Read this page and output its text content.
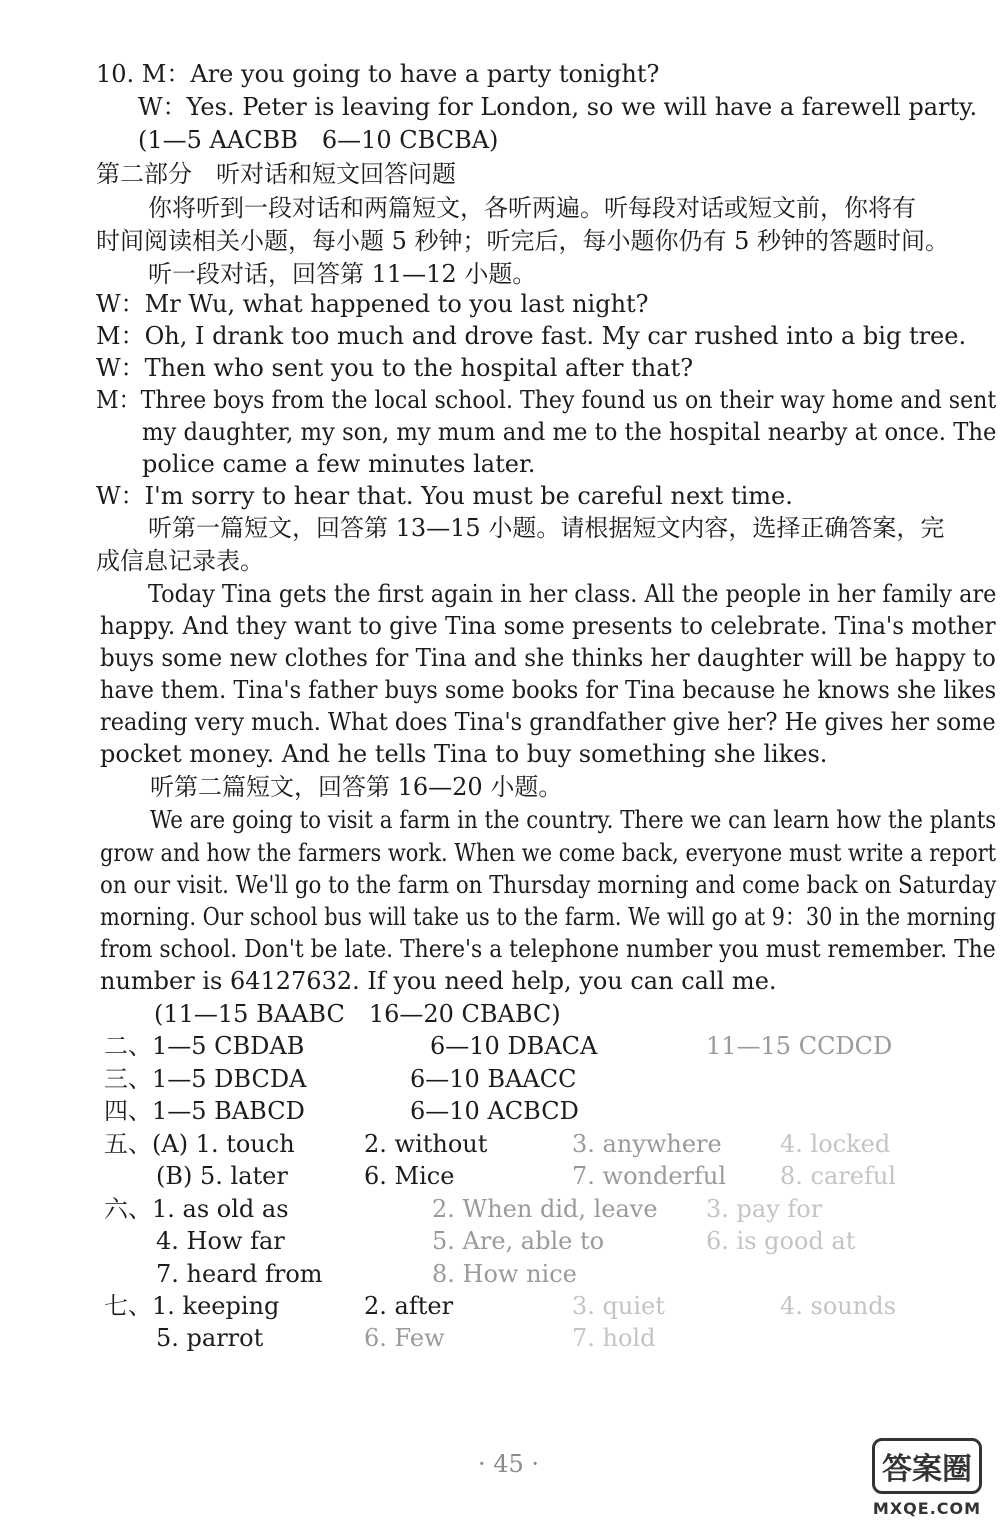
10. M：Are you going to have a party tonight?
W：Yes. Peter is leaving for London, so we will have a farewell party.
(1—5 AACBB　6—10 CBCBA)
第二部分　听对话和短文回答问题
你将听到一段对话和两篇短文，各听两遍。听每段对话或短文前，你将有
时间阅读相关小题，每小题 5 秒钟；听完后，每小题你仍有 5 秒钟的答题时间。
听一段对话，回答第 11—12 小题。
W：Mr Wu, what happened to you last night?
M：Oh, I drank too much and drove fast. My car rushed into a big tree.
W：Then who sent you to the hospital after that?
M：Three boys from the local school. They found us on their way home and sent
my daughter, my son, my mum and me to the hospital nearby at once. The
police came a few minutes later.
W：I'm sorry to hear that. You must be careful next time.
听第一篇短文，回答第 13—15 小题。请根据短文内容，选择正确答案，完
成信息记录表。
Today Tina gets the first again in her class. All the people in her family are
happy. And they want to give Tina some presents to celebrate. Tina's mother
buys some new clothes for Tina and she thinks her daughter will be happy to
have them. Tina's father buys some books for Tina because he knows she likes
reading very much. What does Tina's grandfather give her? He gives her some
pocket money. And he tells Tina to buy something she likes.
听第二篇短文，回答第 16—20 小题。
We are going to visit a farm in the country. There we can learn how the plants
grow and how the farmers work. When we come back, everyone must write a report
on our visit. We'll go to the farm on Thursday morning and come back on Saturday
morning. Our school bus will take us to the farm. We will go at 9：30 in the morning
from school. Don't be late. There's a telephone number you must remember. The
number is 64127632. If you need help, you can call me.
(11—15 BAABC　16—20 CBABC)
二、1—5 CBDAB	6—10 DBACA	11—15 CCDCD
三、1—5 DBCDA	6—10 BAACC
四、1—5 BABCD	6—10 ACBCD
五、(A) 1. touch	2. without	3. anywhere 4. locked
(B) 5. later	6. Mice	7. wonderful 8. careful
六、1. as old as	2. When did, leave 3. pay for
4. How far	5. Are, able to	6. is good at
7. heard from	8. How nice
七、1. keeping	2. after	3. quiet	4. sounds
5. parrot	6. Few	7. hold
· 45 ·	答案圈
MXQE.COM
